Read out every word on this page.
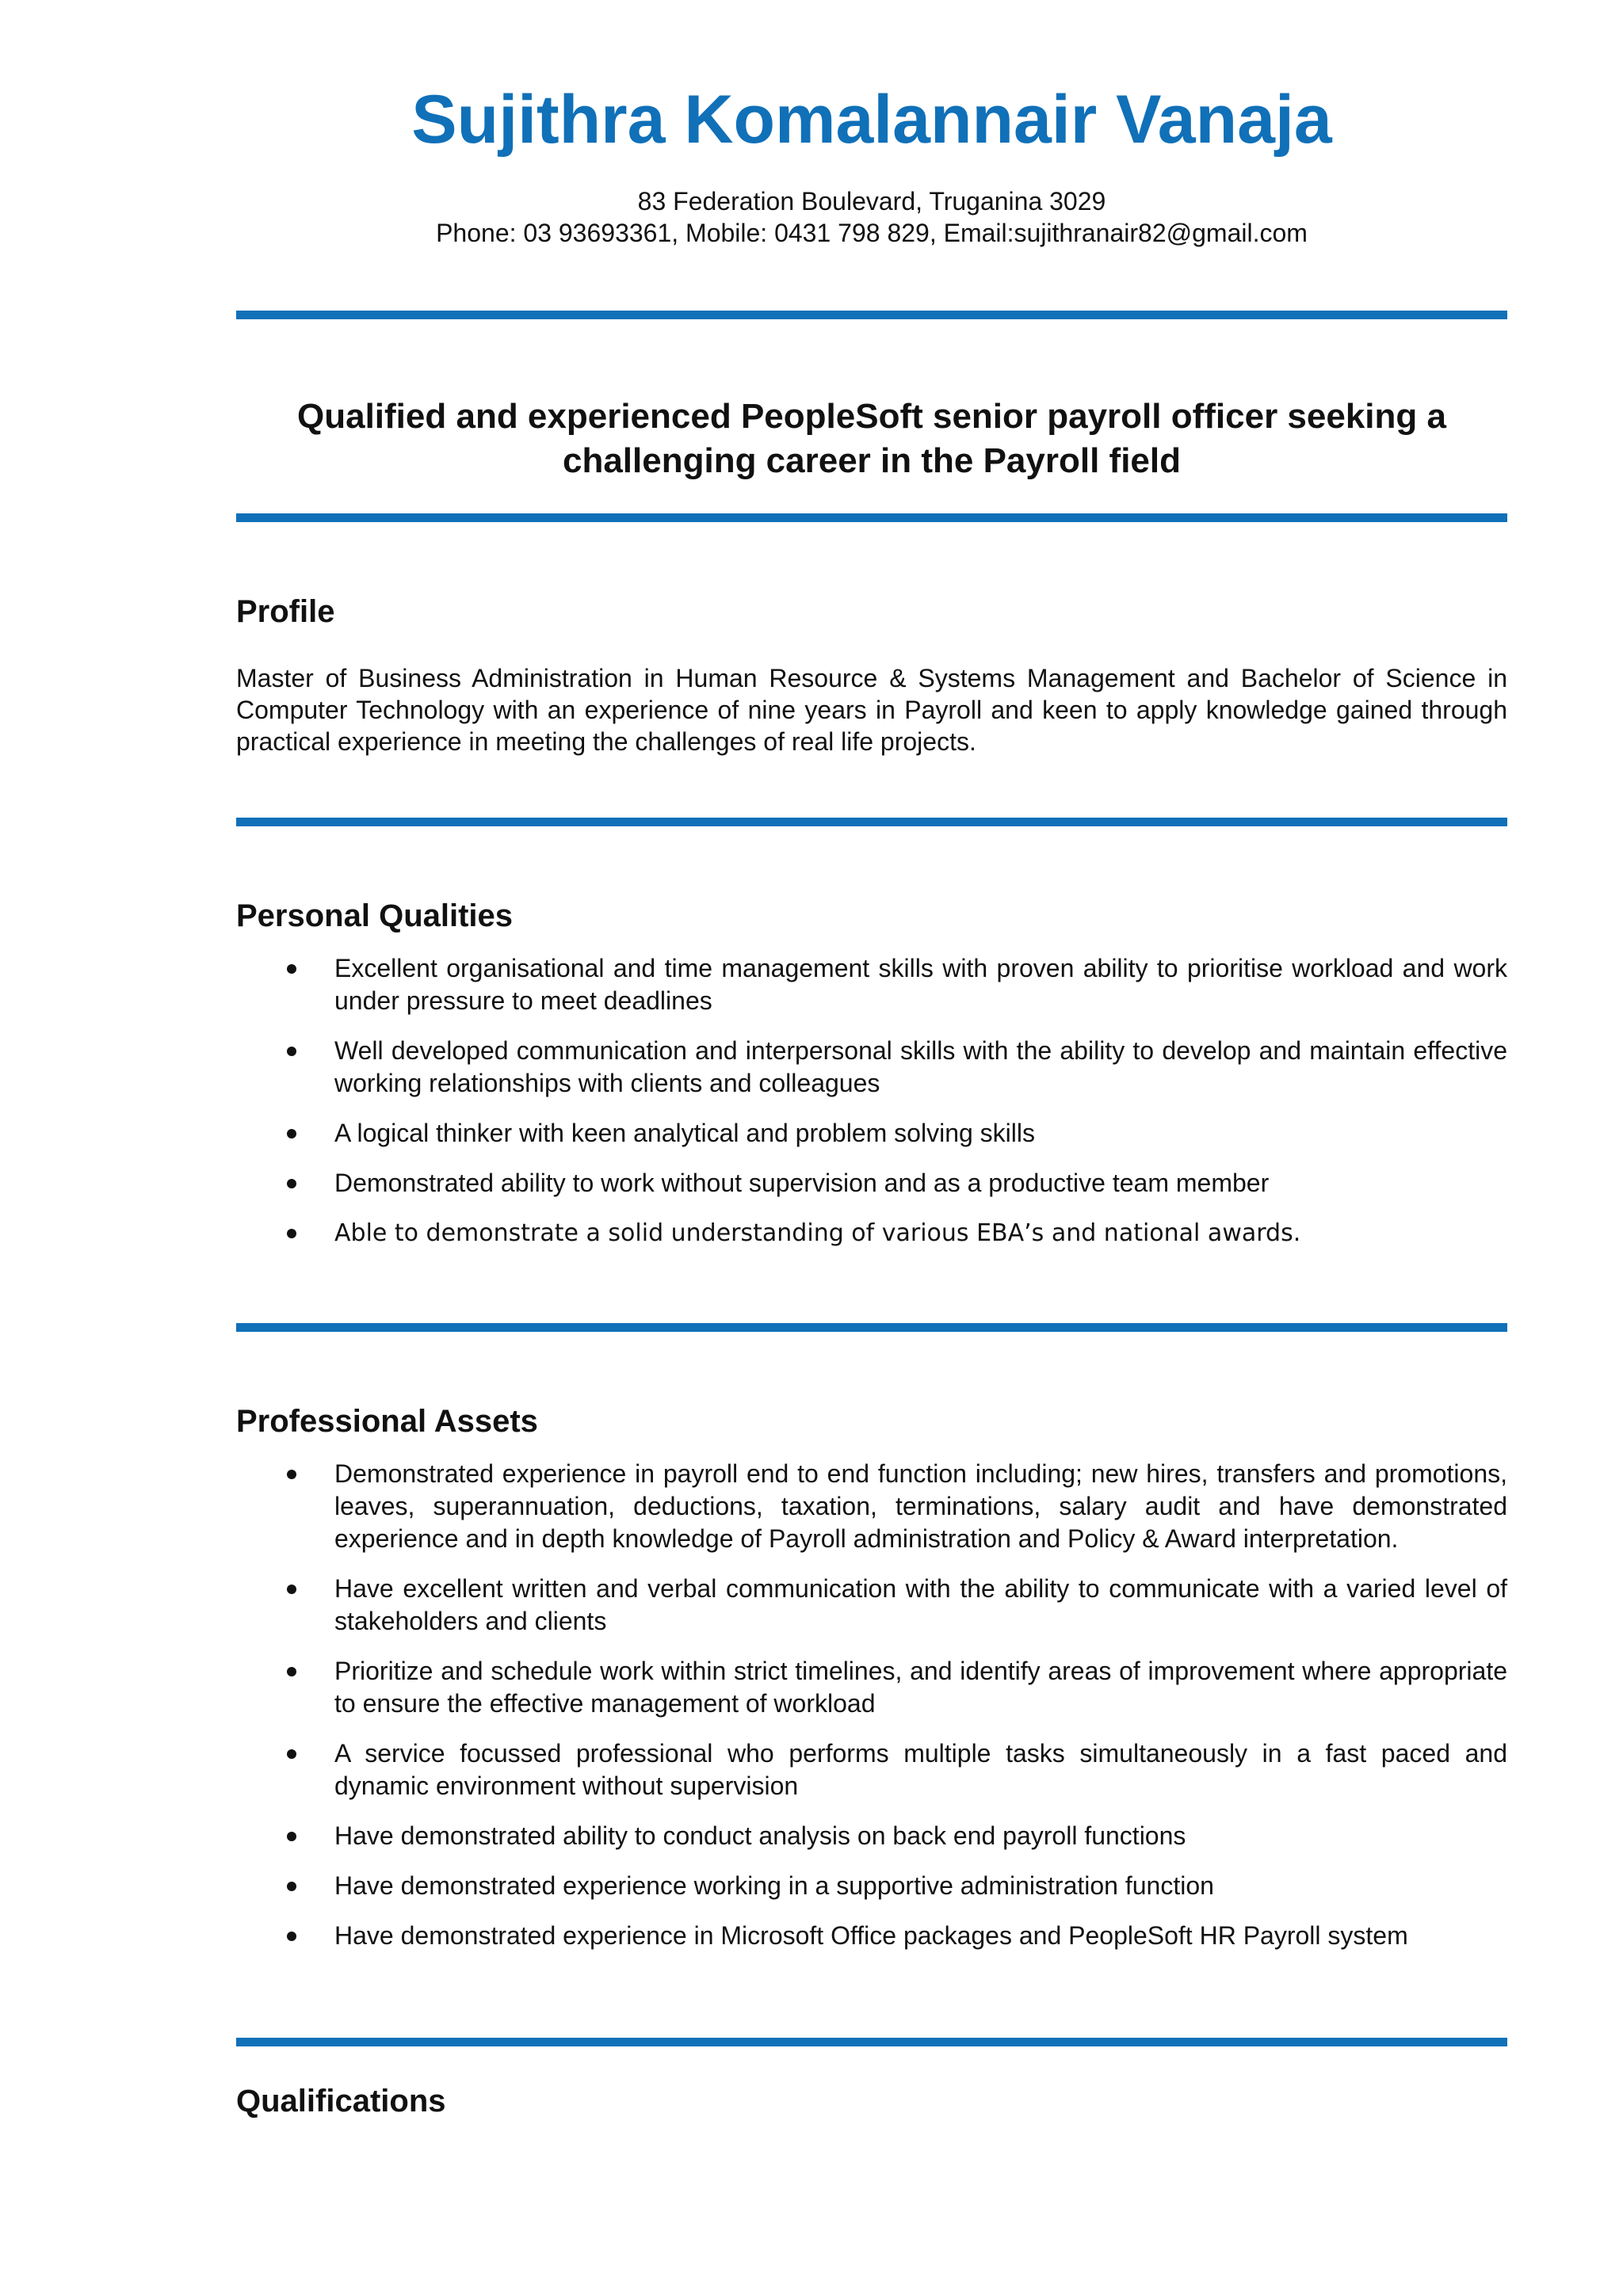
Sujithra Komalannair Vanaja
83 Federation Boulevard, Truganina 3029
Phone: 03 93693361, Mobile: 0431 798 829, Email:sujithranair82@gmail.com
Qualified and experienced PeopleSoft senior payroll officer seeking a
challenging career in the Payroll field
Profile
Master of Business Administration in Human Resource & Systems Management and Bachelor of Science in Computer Technology with an experience of nine years in Payroll and keen to apply knowledge gained through practical experience in meeting the challenges of real life projects.
Personal Qualities
Excellent organisational and time management skills with proven ability to prioritise workload and work under pressure to meet deadlines
Well developed communication and interpersonal skills with the ability to develop and maintain effective working relationships with clients and colleagues
A logical thinker with keen analytical and problem solving skills
Demonstrated ability to work without supervision and as a productive team member
Able to demonstrate a solid understanding of various EBA’s and national awards.
Professional Assets
Demonstrated experience in payroll end to end function including; new hires, transfers and promotions, leaves, superannuation, deductions, taxation, terminations, salary audit and have demonstrated experience and in depth knowledge of Payroll administration and Policy & Award interpretation.
Have excellent written and verbal communication with the ability to communicate with a varied level of stakeholders and clients
Prioritize and schedule work within strict timelines, and identify areas of improvement where appropriate to ensure the effective management of workload
A service focussed professional who performs multiple tasks simultaneously in a fast paced and dynamic environment without supervision
Have demonstrated ability to conduct analysis on back end payroll functions
Have demonstrated experience working in a supportive administration function
Have demonstrated experience in Microsoft Office packages and PeopleSoft HR Payroll system
Qualifications
